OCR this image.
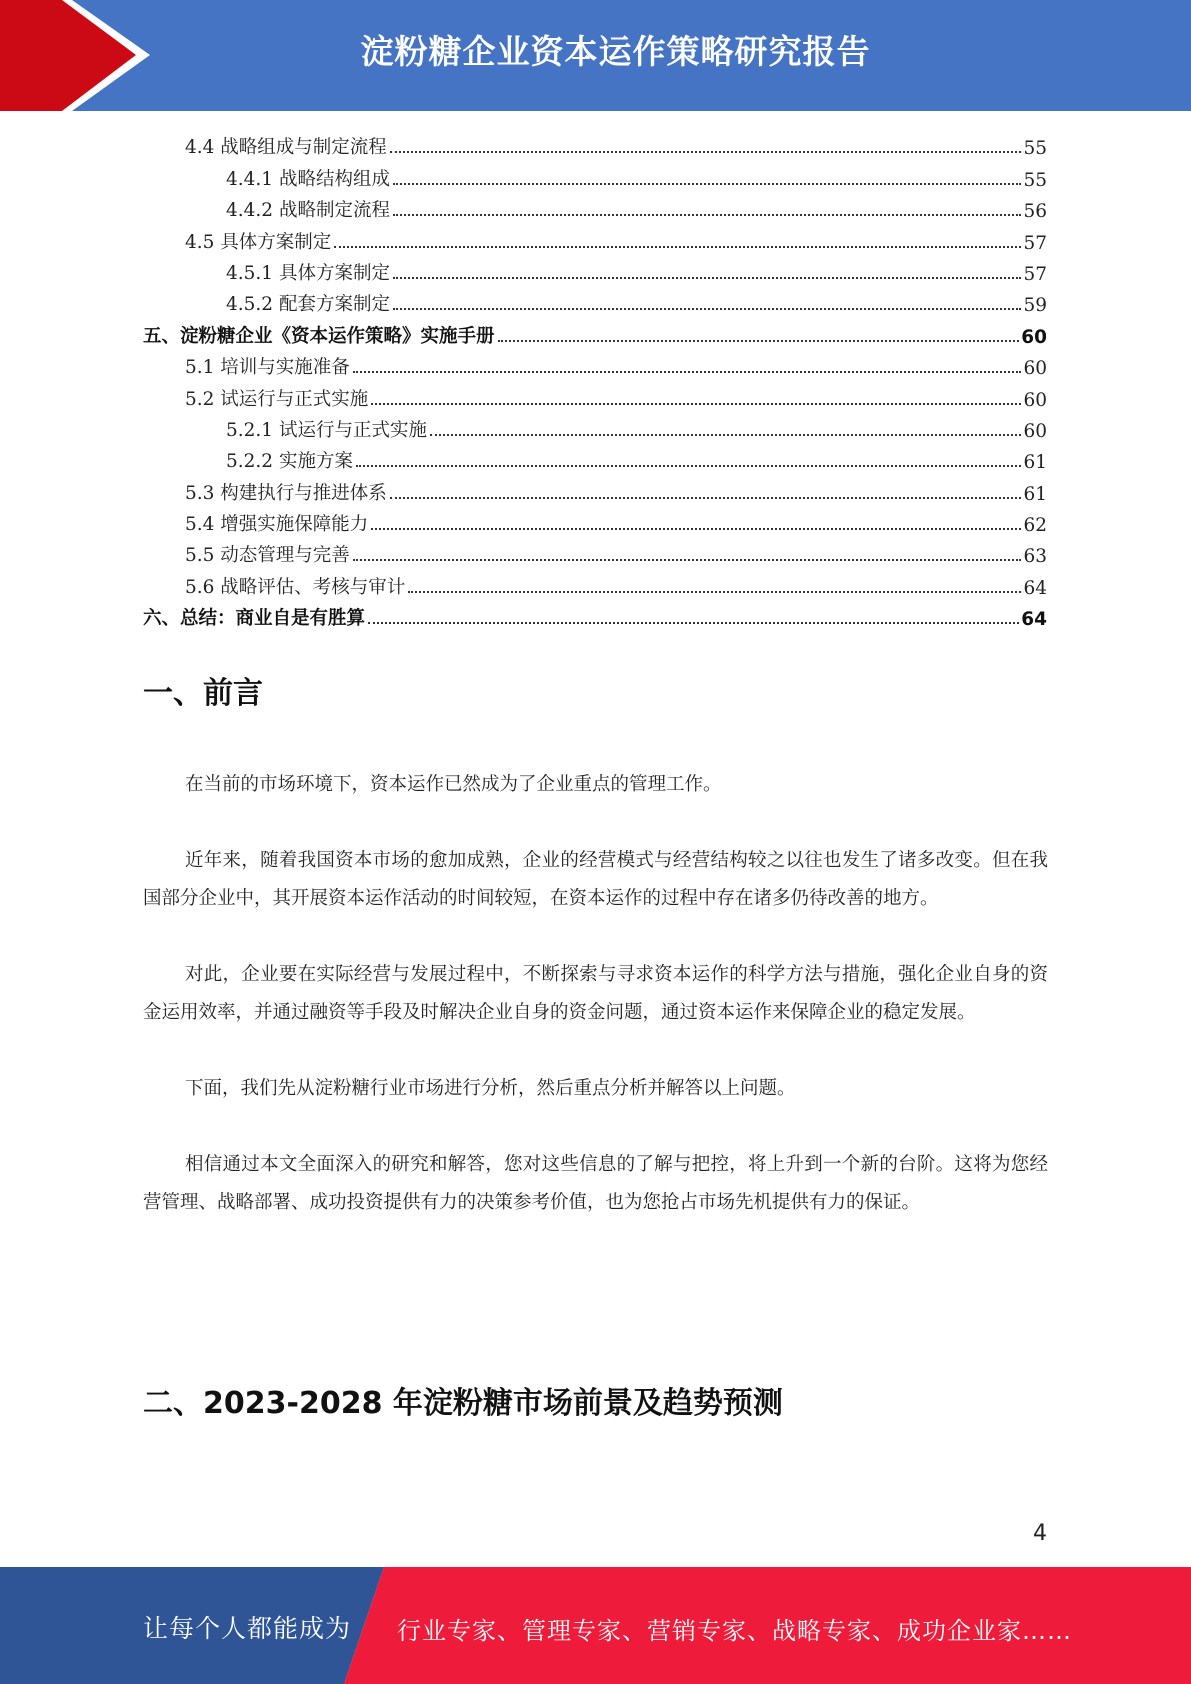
淀粉糖企业资本运作策略研究报告
4.4 战略组成与制定流程	55
4.4.1 战略结构组成	55
4.4.2 战略制定流程	56
4.5 具体方案制定	57
4.5.1 具体方案制定	57
4.5.2 配套方案制定	59
五、淀粉糖企业《资本运作策略》实施手册	60
5.1 培训与实施准备	60
5.2 试运行与正式实施	60
5.2.1 试运行与正式实施	60
5.2.2 实施方案	61
5.3 构建执行与推进体系	61
5.4 增强实施保障能力	62
5.5 动态管理与完善	63
5.6 战略评估、考核与审计	64
六、总结：商业自是有胜算	64
一、前言

在当前的市场环境下，资本运作已然成为了企业重点的管理工作。

近年来，随着我国资本市场的愈加成熟，企业的经营模式与经营结构较之以往也发生了诸多改变。但在我国部分企业中，其开展资本运作活动的时间较短，在资本运作的过程中存在诸多仍待改善的地方。

对此，企业要在实际经营与发展过程中，不断探索与寻求资本运作的科学方法与措施，强化企业自身的资金运用效率，并通过融资等手段及时解决企业自身的资金问题，通过资本运作来保障企业的稳定发展。

下面，我们先从淀粉糖行业市场进行分析，然后重点分析并解答以上问题。

相信通过本文全面深入的研究和解答，您对这些信息的了解与把控，将上升到一个新的台阶。这将为您经营管理、战略部署、成功投资提供有力的决策参考价值，也为您抢占市场先机提供有力的保证。

二、2023-2028 年淀粉糖市场前景及趋势预测
4
让每个人都能成为 行业专家、管理专家、营销专家、战略专家、成功企业家……
